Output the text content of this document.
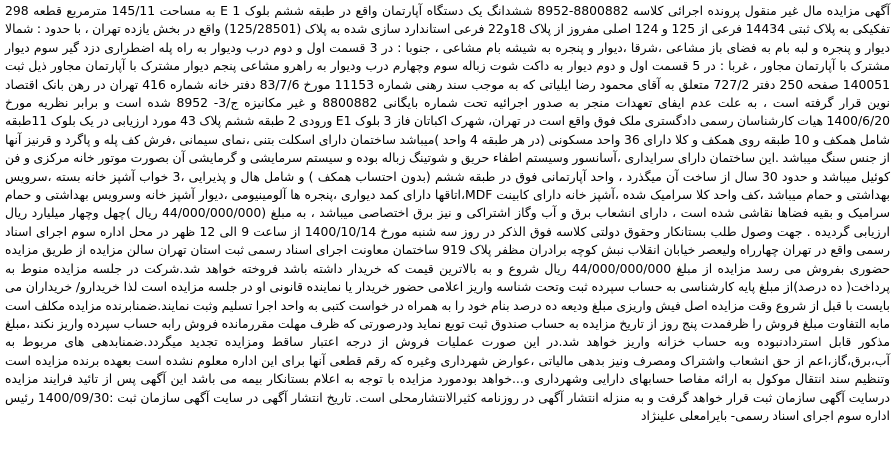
آگهی مزایده مال غیر منقول پرونده اجرائی کلاسه 8800882-8952 ششدانگ یک دستگاه آپارتمان واقع در طبقه ششم بلوک E 1 به مساحت 145/11 مترمربع قطعه 298 تفکیکی به پلاک ثبتی 14434 فرعی از 125 و 124 اصلی مفروز از پلاک 18و22 فرعی استاندارد سازی شده به پلاک (125/28501) واقع در بخش یازده تهران ، با حدود : شمالا دیوار و پنجره و لبه بام به فضای باز مشاعی ،شرقا ،دیوار و پنجره به شیشه بام مشاعی ، جنوبا : در 3 قسمت اول و دوم درب ودیوار به راه پله اضطراری دزد گیر سوم دیوار مشترک با آپارتمان مجاور ، غربا : در 5 قسمت اول و دوم دیوار به داکت شوت زباله سوم وچهارم درب ودیوار به راهرو مشاعی پنجم دیوار مشترک با آپارتمان مجاور ذیل ثبت 140051 صفحه 250 دفتر 727/2 متعلق به آقای محمود رضا ایلیاتی که به موجب سند رهنی شماره 11153 مورخ 83/7/6 دفتر خانه شماره 416 تهران در رهن بانک اقتصاد نوین قرار گرفته است ، به علت عدم ایفای تعهدات منجر به صدور اجرائیه تحت شماره بایگانی 8800882 و غیر مکانیزه ج/3- 8952 شده است و برابر نظریه مورخ 1400/6/20 هیات کارشناسان رسمی دادگستری ملک فوق واقع است در تهران، شهرک اکباتان فاز 3 بلوک E1 ورودی 2 طبقه ششم پلاک 43 مورد ارزیابی در یک بلوک 11طبقه شامل همکف و 10 طبقه روی همکف و کلا دارای 36 واحد مسکونی (در هر طبقه 4 واحد )میباشد ساختمان دارای اسکلت بتنی ،نمای سیمانی ،فرش کف پله و پاگرد و قرنیز آنها از جنس سنگ میباشد .این ساختمان دارای سرایداری ،آسانسور وسیستم اطفاء حریق و شوتینگ زباله بوده و سیستم سرمایشی و گرمایشی آن بصورت موتور خانه مرکزی و فن کوئیل میباشد و حدود 30 سال از ساخت آن میگذرد ، واحد آپارتمانی فوق در طبقه ششم (بدون احتساب همکف ) و شامل هال و پذیرایی ،3 خواب آشپز خانه بسته ،سرویس بهداشتی و حمام میباشد ،کف واحد کلا سرامیک شده ،آشپز خانه دارای کابینت MDF،اتاقها دارای کمد دیواری ،پنجره ها آلومینیومی ،دیوار آشپز خانه وسرویس بهداشتی و حمام سرامیک و بقیه فضاها نقاشی شده است ، دارای انشعاب برق و آب وگاز اشتراکی و نیز برق اختصاصی میباشد ، به مبلغ (44/000/000/000 ریال )چهل وچهار میلیارد ریال ارزیابی گردیده . جهت وصول طلب بستانکار وحقوق دولتی کلاسه فوق الذکر در روز سه شنبه مورخ 1400/10/14 از ساعت 9 الی 12 ظهر در محل اداره سوم اجرای اسناد رسمی واقع در تهران چهارراه ولیعصر خیابان انقلاب نبش کوچه برادران مظفر پلاک 919 ساختمان معاونت اجرای اسناد رسمی ثبت استان تهران سالن مزایده از طریق مزایده حضوری بفروش می رسد مزایده از مبلغ 44/000/000/000 ریال شروع و به بالاترین قیمت که خریدار داشته باشد فروخته خواهد شد.شرکت در جلسه مزایده منوط به پرداخت( ده درصد)از مبلغ پایه کارشناسی به حساب سپرده ثبت وتحت شناسه واریز اعلامی حضور خریدار یا نماینده قانونی او در جلسه مزایده است لذا خریدارو/ خریداران می بایست با قبل از شروع وقت مزایده اصل فیش واریزی مبلغ ودیعه ده درصد بنام خود را به همراه در خواست کتبی به واحد اجرا تسلیم وثبت نمایند.ضمنابرنده مزایده مکلف است مابه التفاوت مبلغ فروش را ظرفمدت پنج روز از تاریخ مزایده به حساب صندوق ثبت توبع نماید ودرصورتی که ظرف مهلت مقررمانده فروش رابه حساب سپرده واریز نکند ،مبلغ مذکور قابل استردادنبوده وبه حساب خزانه واریز خواهد شد.در این صورت عملیات فروش از درجه اعتبار ساقط ومزایده تجدید میگردد.ضمنابدهی های مربوط به آب،برق،گاز،اعم از حق انشعاب واشتراک ومصرف ونیز بدهی مالیاتی ،عوارض شهرداری وغیره که رقم قطعی آنها برای این اداره معلوم نشده است بعهده برنده مزایده است وتنظیم سند انتقال موکول به ارائه مفاصا حسابهای دارایی وشهرداری و...خواهد بودمورد مزایده با توجه به اعلام بستانکار بیمه می باشد این آگهی پس از تائید فرایند مزایده درسایت آگهی سازمان ثبت قرار خواهد گرفت و به منزله انتشار آگهی در روزنامه کثیرالانتشارمحلی است. تاریخ انتشار آگهی در سایت آگهی سازمان ثبت :1400/09/30 رئیس اداره سوم اجرای اسناد رسمی- بایرامعلی علینژاد
